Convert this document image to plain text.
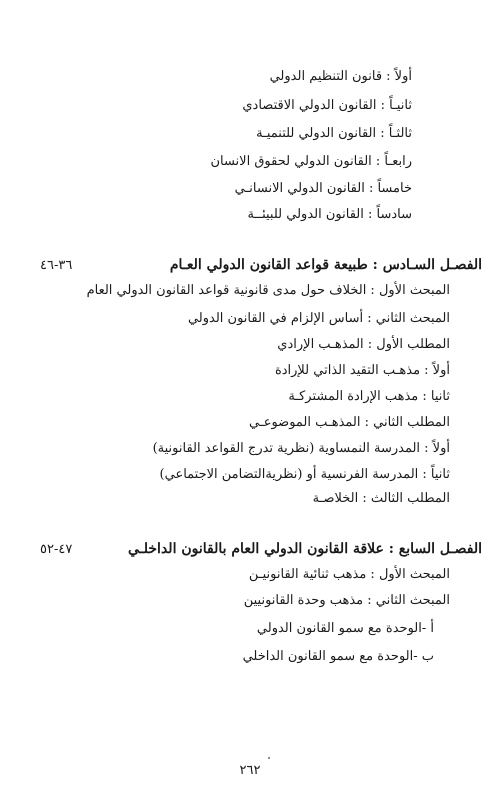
أولاً : قانون التنظيم الدولي
ثانيـاً : القانون الدولي الاقتصادي
ثالثـاً : القانون الدولي للتنميـة
رابعـاً : القانون الدولي لحقوق الانسان
خامساً : القانون الدولي الانسانـي
سادساً : القانون الدولي للبيئــة
الفصـل السـادس : طبيعة قواعد القانون الدولي العـام
٣٦-٤٦
المبحث الأول : الخلاف حول مدى قانونية قواعد القانون الدولي العام
المبحث الثاني : أساس الإلزام في القانون الدولي
المطلب الأول : المذهـب الإرادي
أولاً : مذهـب التقيد الذاتي للإرادة
ثانيا : مذهب الإرادة المشتركـة
المطلب الثاني : المذهـب الموضوعـي
أولاً : المدرسة النمساوية (نظرية تدرج القواعد القانونية)
ثانياً : المدرسة الفرنسية أو (نظريةالتضامن الاجتماعي)
المطلب الثالث : الخلاصـة
الفصـل السابع : علاقة القانون الدولي العام بالقانون الداخلـي
٤٧-٥٢
المبحث الأول : مذهب ثنائية القانونيـن
المبحث الثاني : مذهب وحدة القانونيين
أ -الوحدة مع سمو القانون الدولي
ب -الوحدة مع سمو القانون الداخلي
٢٦٢
